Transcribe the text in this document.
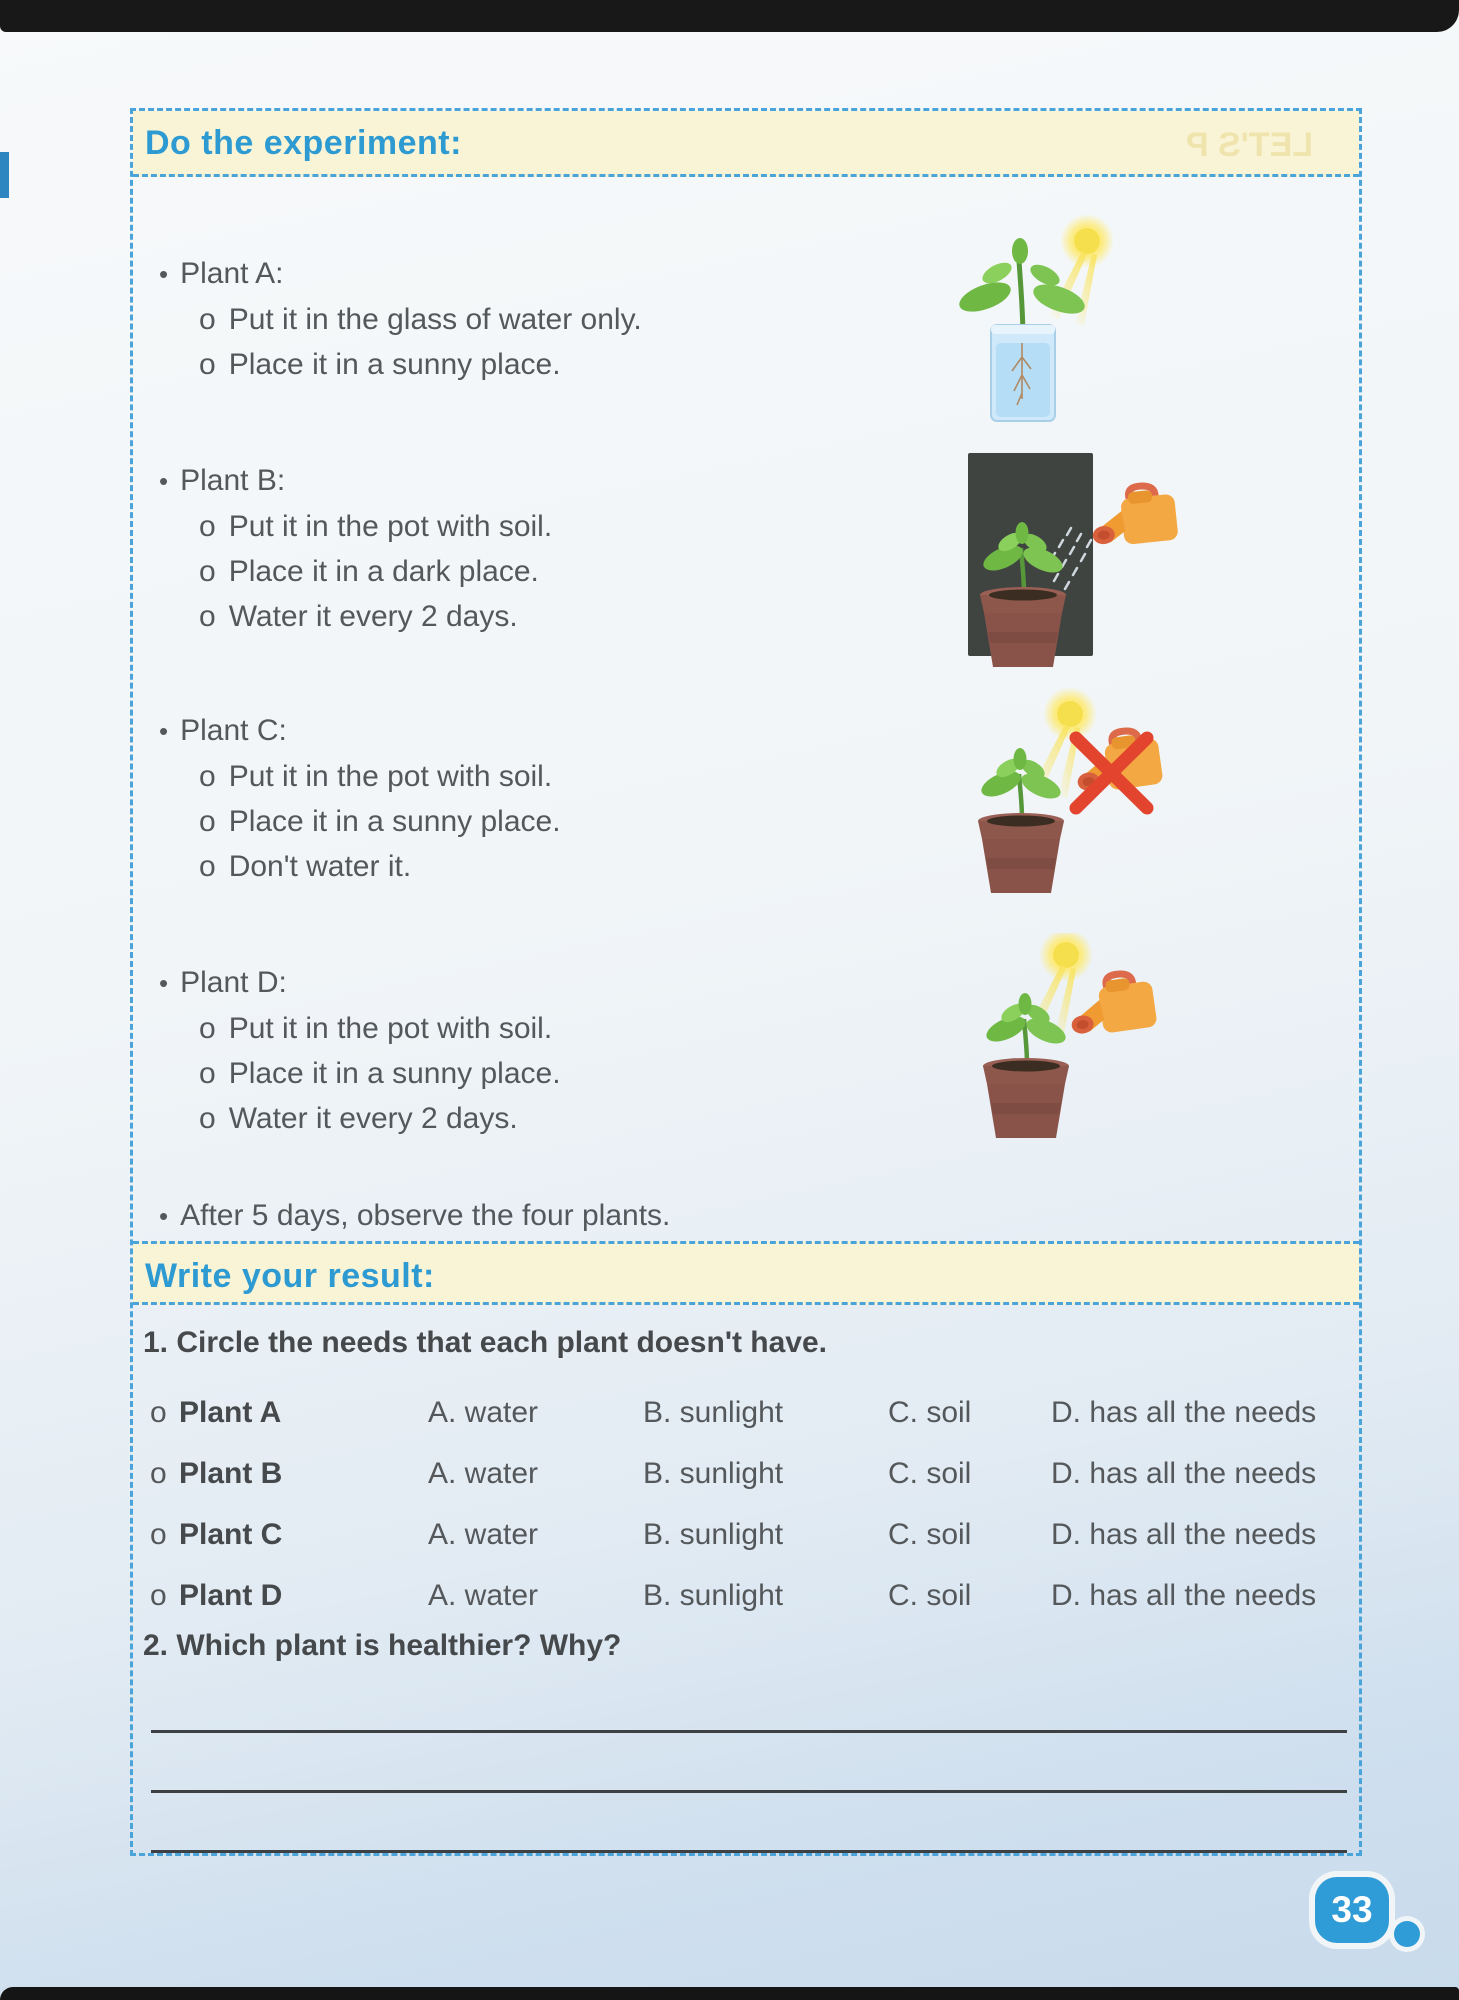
Do the experiment:	LET'S P
• Plant A:
o Put it in the glass of water only.
o Place it in a sunny place.
• Plant B:
o Put it in the pot with soil.
o Place it in a dark place.
o Water it every 2 days.
• Plant C:
o Put it in the pot with soil.
o Place it in a sunny place.
o Don't water it.
• Plant D:
o Put it in the pot with soil.
o Place it in a sunny place.
o Water it every 2 days.
• After 5 days, observe the four plants.
Write your result:
1. Circle the needs that each plant doesn't have.
o Plant A	A. water	B. sunlight	C. soil	D. has all the needs
o Plant B	A. water	B. sunlight	C. soil	D. has all the needs
o Plant C	A. water	B. sunlight	C. soil	D. has all the needs
o Plant D	A. water	B. sunlight	C. soil	D. has all the needs
2. Which plant is healthier? Why?
33
